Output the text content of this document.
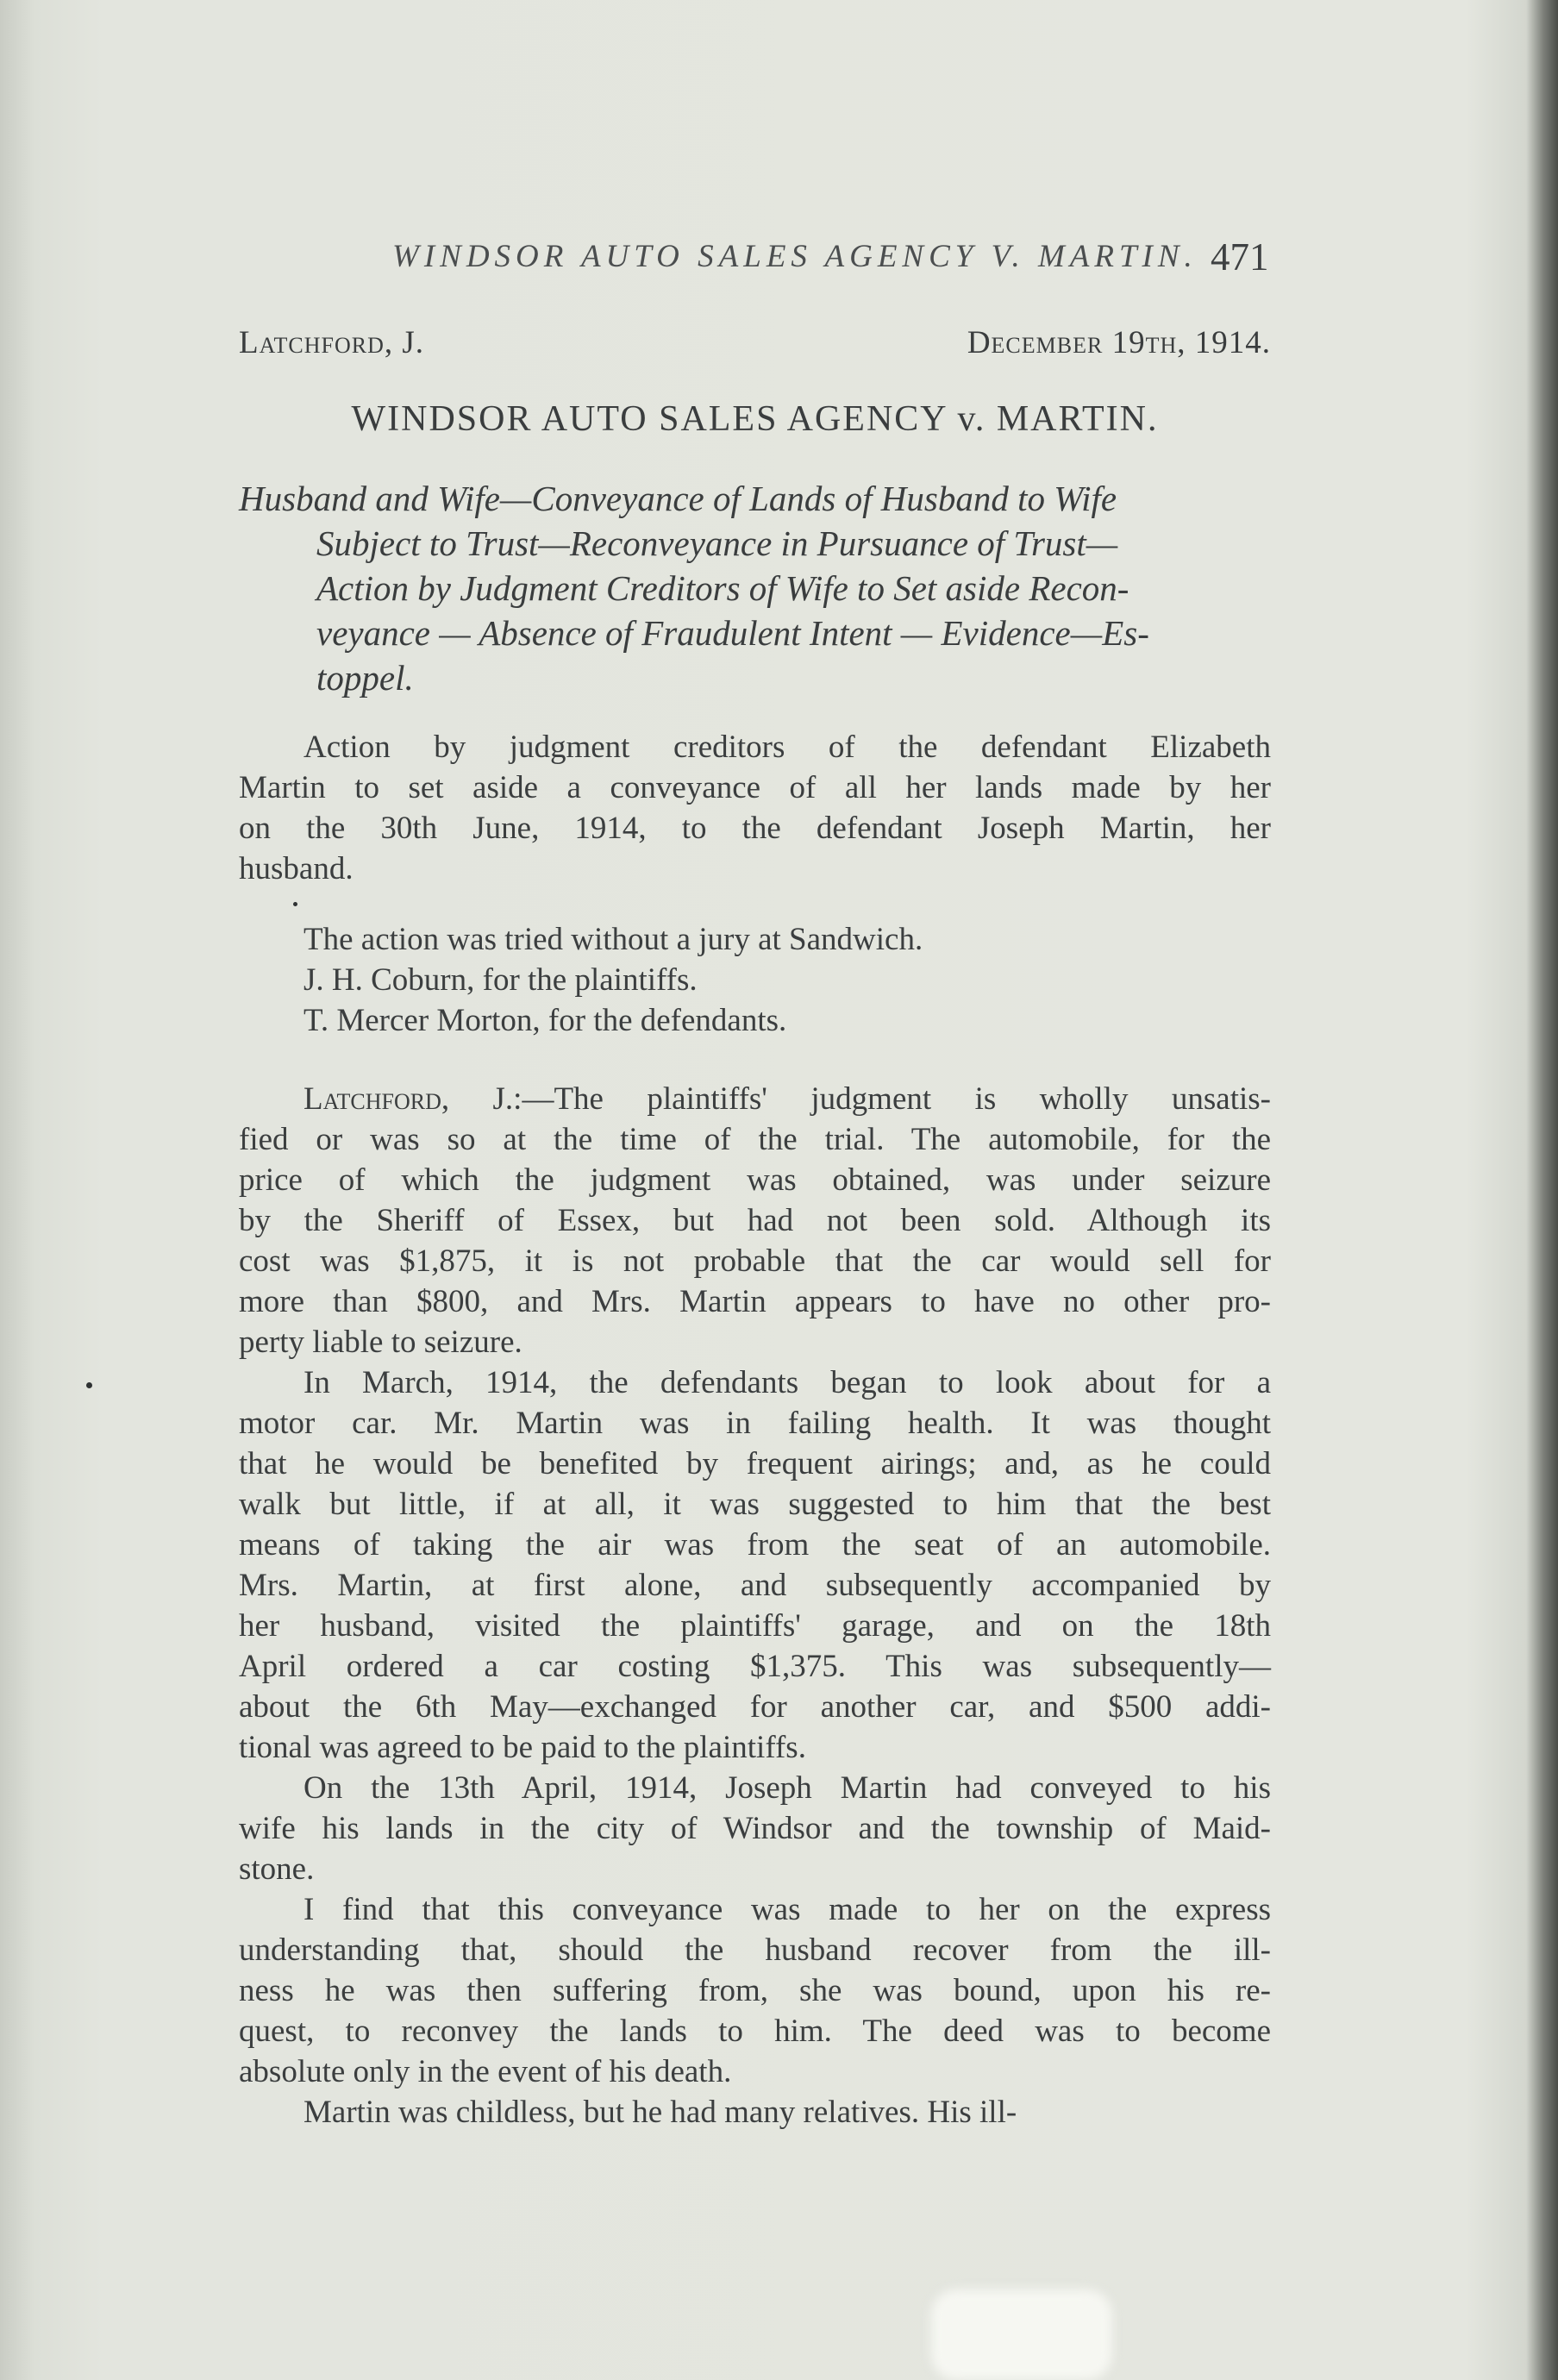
WINDSOR AUTO SALES AGENCY V. MARTIN. 471
Latchford, J.	December 19th, 1914.
WINDSOR AUTO SALES AGENCY v. MARTIN.
Husband and Wife—Conveyance of Lands of Husband to Wife
Subject to Trust—Reconveyance in Pursuance of Trust—
Action by Judgment Creditors of Wife to Set aside Recon-
veyance — Absence of Fraudulent Intent — Evidence—Es-
toppel.
Action by judgment creditors of the defendant Elizabeth
Martin to set aside a conveyance of all her lands made by her
on the 30th June, 1914, to the defendant Joseph Martin, her
husband.
The action was tried without a jury at Sandwich.
J. H. Coburn, for the plaintiffs.
T. Mercer Morton, for the defendants.
Latchford, J.:—The plaintiffs' judgment is wholly unsatis-
fied or was so at the time of the trial. The automobile, for the
price of which the judgment was obtained, was under seizure
by the Sheriff of Essex, but had not been sold. Although its
cost was $1,875, it is not probable that the car would sell for
more than $800, and Mrs. Martin appears to have no other pro-
perty liable to seizure.
In March, 1914, the defendants began to look about for a
motor car. Mr. Martin was in failing health. It was thought
that he would be benefited by frequent airings; and, as he could
walk but little, if at all, it was suggested to him that the best
means of taking the air was from the seat of an automobile.
Mrs. Martin, at first alone, and subsequently accompanied by
her husband, visited the plaintiffs' garage, and on the 18th
April ordered a car costing $1,375. This was subsequently—
about the 6th May—exchanged for another car, and $500 addi-
tional was agreed to be paid to the plaintiffs.
On the 13th April, 1914, Joseph Martin had conveyed to his
wife his lands in the city of Windsor and the township of Maid-
stone.
I find that this conveyance was made to her on the express
understanding that, should the husband recover from the ill-
ness he was then suffering from, she was bound, upon his re-
quest, to reconvey the lands to him. The deed was to become
absolute only in the event of his death.
Martin was childless, but he had many relatives. His ill-
